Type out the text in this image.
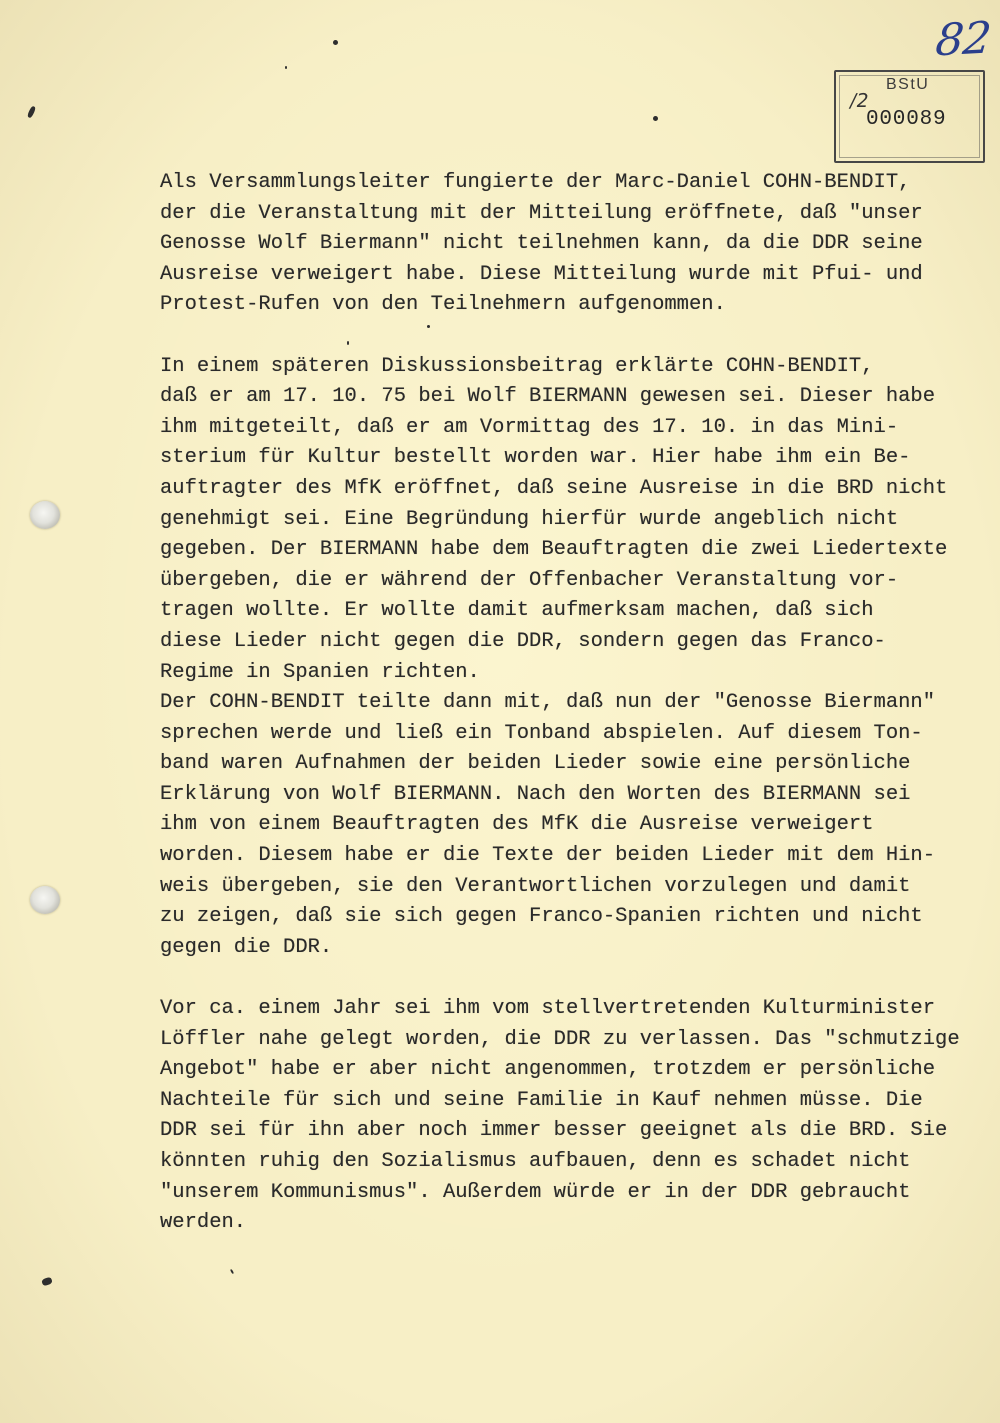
82
BStU
/2
000089
Als Versammlungsleiter fungierte der Marc-Daniel COHN-BENDIT,
der die Veranstaltung mit der Mitteilung eröffnete, daß "unser
Genosse Wolf Biermann" nicht teilnehmen kann, da die DDR seine
Ausreise verweigert habe. Diese Mitteilung wurde mit Pfui- und
Protest-Rufen von den Teilnehmern aufgenommen.
In einem späteren Diskussionsbeitrag erklärte COHN-BENDIT,
daß er am 17. 10. 75 bei Wolf BIERMANN gewesen sei. Dieser habe
ihm mitgeteilt, daß er am Vormittag des 17. 10. in das Mini-
sterium für Kultur bestellt worden war. Hier habe ihm ein Be-
auftragter des MfK eröffnet, daß seine Ausreise in die BRD nicht
genehmigt sei. Eine Begründung hierfür wurde angeblich nicht
gegeben. Der BIERMANN habe dem Beauftragten die zwei Liedertexte
übergeben, die er während der Offenbacher Veranstaltung vor-
tragen wollte. Er wollte damit aufmerksam machen, daß sich
diese Lieder nicht gegen die DDR, sondern gegen das Franco-
Regime in Spanien richten.
Der COHN-BENDIT teilte dann mit, daß nun der "Genosse Biermann"
sprechen werde und ließ ein Tonband abspielen. Auf diesem Ton-
band waren Aufnahmen der beiden Lieder sowie eine persönliche
Erklärung von Wolf BIERMANN. Nach den Worten des BIERMANN sei
ihm von einem Beauftragten des MfK die Ausreise verweigert
worden. Diesem habe er die Texte der beiden Lieder mit dem Hin-
weis übergeben, sie den Verantwortlichen vorzulegen und damit
zu zeigen, daß sie sich gegen Franco-Spanien richten und nicht
gegen die DDR.
Vor ca. einem Jahr sei ihm vom stellvertretenden Kulturminister
Löffler nahe gelegt worden, die DDR zu verlassen. Das "schmutzige
Angebot" habe er aber nicht angenommen, trotzdem er persönliche
Nachteile für sich und seine Familie in Kauf nehmen müsse. Die
DDR sei für ihn aber noch immer besser geeignet als die BRD. Sie
könnten ruhig den Sozialismus aufbauen, denn es schadet nicht
"unserem Kommunismus". Außerdem würde er in der DDR gebraucht
werden.
